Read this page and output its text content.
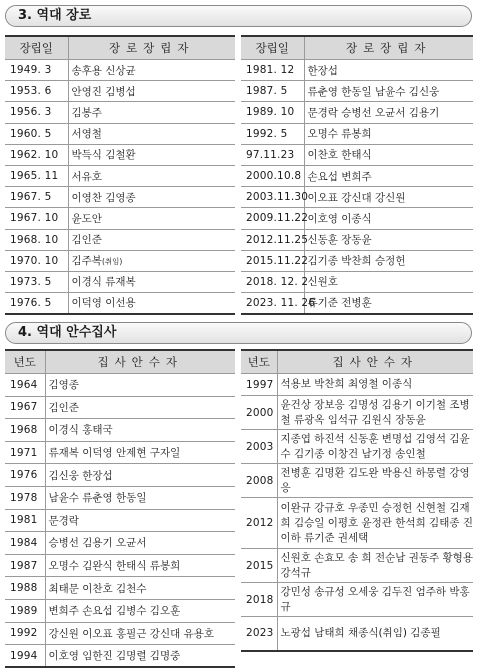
3. 역대 장로
장립일	장로장립자
1949. 3	송후용 신상균
1953. 6	안영진 김병섭
1956. 3	김봉주
1960. 5	서영철
1962. 10	박득식 김철환
1965. 11	서유호
1967. 5	이영찬 김영종
1967. 10	윤도안
1968. 10	김인준
1970. 10	김주복(취임)
1973. 5	이경식 류재복
1976. 5	이덕영 이선용
장립일	장로장립자
1981. 12	한장섭
1987. 5	류춘영 한동일 남윤수 김신웅
1989. 10	문경락 승병선 오균서 김용기
1992. 5	오명수 류봉희
97.11.23	이찬호 한태식
2000.10.8	손요섭 변희주
2003.11.30	이오표 강신대 강신원
2009.11.22	이호영 이종식
2012.11.25	신동훈 장동윤
2015.11.22	김기종 박찬희 승정헌
2018. 12. 2	신원호
2023. 11. 26	류기준 전병훈
4. 역대 안수집사
년도	집사안수자
1964	김영종
1967	김인준
1968	이경식 홍태국
1971	류재복 이덕영 안제현 구자일
1976	김신웅 한장섭
1978	남윤수 류춘영 한동일
1981	문경락
1984	승병선 김용기 오균서
1987	오명수 김완식 한태식 류봉희
1988	최태문 이찬호 김천수
1989	변희주 손요섭 김병수 김오훈
1992	강신원 이오표 홍필근 강신대 유용호
1994	이호영 임한진 김명렬 김명중
년도	집사안수자
1997	석용보 박찬희 최영철 이종식
2000	윤건상 장보응 김명성 김용기 이기철 조병철 류광옥 임석규 김원식 장동윤
2003	지종엽 하진석 신동훈 변명섭 김영석 김윤수 김기종 이창건 남기정 송인철
2008	전병훈 김명환 김도완 박용신 하몽렬 강영응
2012	이완규 강규호 우종민 승정헌 신현철 김재희 김승일 이평호 윤정관 한석희 김태종 진이하 류기준 권세택
2015	신원호 손효모 송 희 전순남 권동주 황형용 강석규
2018	강민성 송규성 오세웅 김두진 엄주하 박홍규
2023	노광섭 남태희 채종식(취임) 김종필
